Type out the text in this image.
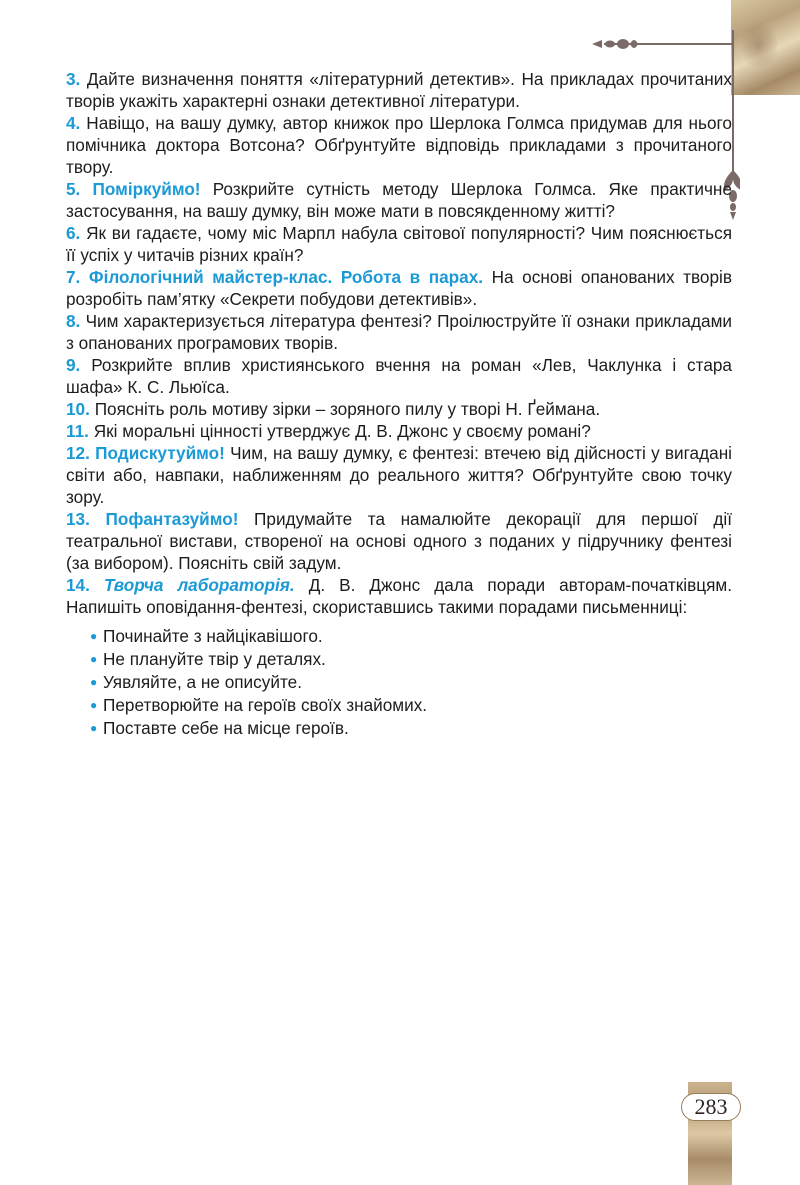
3. Дайте визначення поняття «літературний детектив». На прикладах прочитаних творів укажіть характерні ознаки детективної літератури.

4. Навіщо, на вашу думку, автор книжок про Шерлока Голмса придумав для нього помічника доктора Вотсона? Обґрунтуйте відповідь прикладами з прочитаного твору.

5. Поміркуймо! Розкрийте сутність методу Шерлока Голмса. Яке практичне застосування, на вашу думку, він може мати в повсякденному житті?

6. Як ви гадаєте, чому міс Марпл набула світової популярності? Чим пояснюється її успіх у читачів різних країн?

7. Філологічний майстер-клас. Робота в парах. На основі опанованих творів розробіть пам’ятку «Секрети побудови детективів».

8. Чим характеризується література фентезі? Проілюструйте її ознаки прикладами з опанованих програмових творів.

9. Розкрийте вплив християнського вчення на роман «Лев, Чаклунка і стара шафа» К. С. Льюїса.

10. Поясніть роль мотиву зірки – зоряного пилу у творі Н. Ґеймана.

11. Які моральні цінності утверджує Д. В. Джонс у своєму романі?

12. Подискутуймо! Чим, на вашу думку, є фентезі: втечею від дійсності у вигадані світи або, навпаки, наближенням до реального життя? Обґрунтуйте свою точку зору.

13. Пофантазуймо! Придумайте та намалюйте декорації для першої дії театральної вистави, створеної на основі одного з поданих у підручнику фентезі (за вибором). Поясніть свій задум.

14. Творча лабораторія. Д. В. Джонс дала поради авторам-початківцям. Напишіть оповідання-фентезі, скориставшись такими порадами письменниці:

● Починайте з найцікавішого.
● Не плануйте твір у деталях.
● Уявляйте, а не описуйте.
● Перетворюйте на героїв своїх знайомих.
● Поставте себе на місце героїв.
283
